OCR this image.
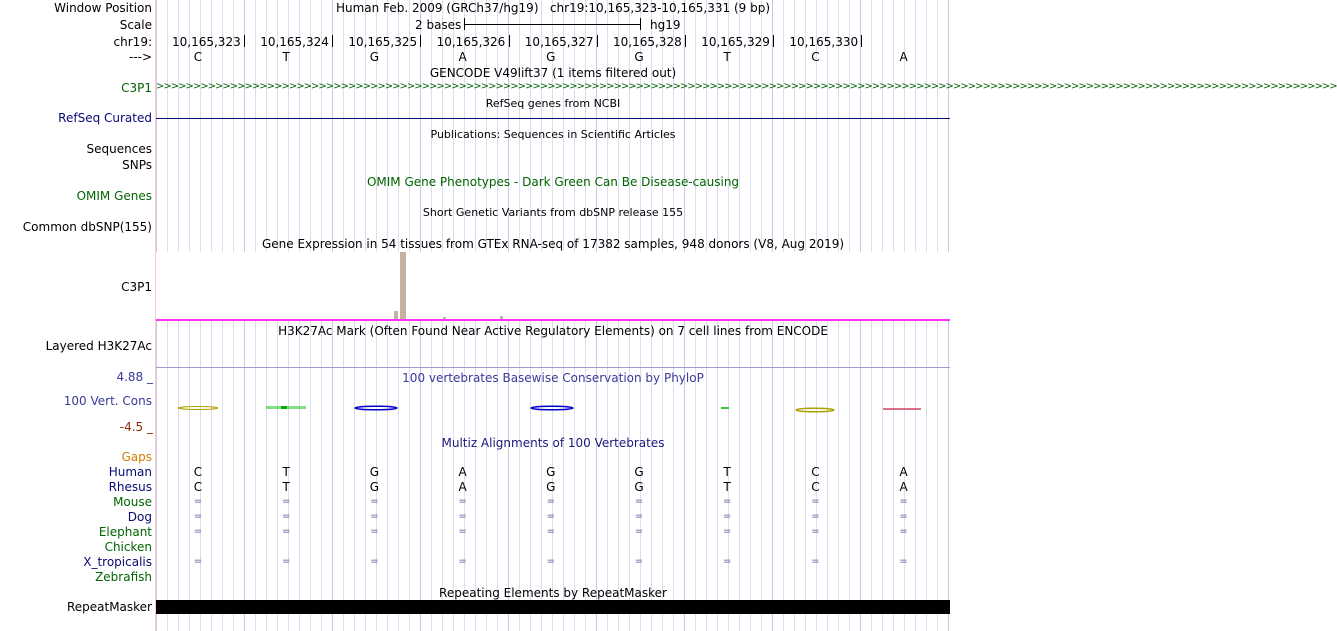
Window Position	Human Feb. 2009 (GRCh37/hg19)   chr19:10,165,323-10,165,331 (9 bp)
Scale	2 bases	hg19
chr19: 10,165,323 10,165,324 10,165,325 10,165,326 10,165,327 10,165,328 10,165,329 10,165,330
--->	C	T	G	A	G	G	T	C	A
GENCODE V49lift37 (1 items filtered out)
C3P1 >>>>>>>>>>>>>>>>>>>>>>>>>>>>>>>>>>>>>>>>>>>>>>>>>>>>>>>>>>>>>>>>>>>>>>>>>>>>>>>>>>>>>>>>>>>>>>>>>>>>>>>>>>>>>>>>>>>>>>>>>>>>>>>>>>>>>>>>>>>>>>>>>>>>>>>>>>>>>>>>
RefSeq genes from NCBI
RefSeq Curated
Publications: Sequences in Scientific Articles
Sequences
SNPs
OMIM Gene Phenotypes - Dark Green Can Be Disease-causing
OMIM Genes
Short Genetic Variants from dbSNP release 155
Common dbSNP(155)
Gene Expression in 54 tissues from GTEx RNA-seq of 17382 samples, 948 donors (V8, Aug 2019)
C3P1
H3K27Ac Mark (Often Found Near Active Regulatory Elements) on 7 cell lines from ENCODE
Layered H3K27Ac
100 vertebrates Basewise Conservation by PhyloP
4.88 _
100 Vert. Cons
-4.5 _
Multiz Alignments of 100 Vertebrates
Gaps
Human	C	T	G	A	G	G	T	C	A
Rhesus	C	T	G	A	G	G	T	C	A
Mouse	=	=	=	=	=	=	=	=	=
Dog	=	=	=	=	=	=	=	=	=
Elephant	=	=	=	=	=	=	=	=	=
Chicken
X_tropicalis	=	=	=	=	=	=	=	=	=
Zebrafish
Repeating Elements by RepeatMasker
RepeatMasker
